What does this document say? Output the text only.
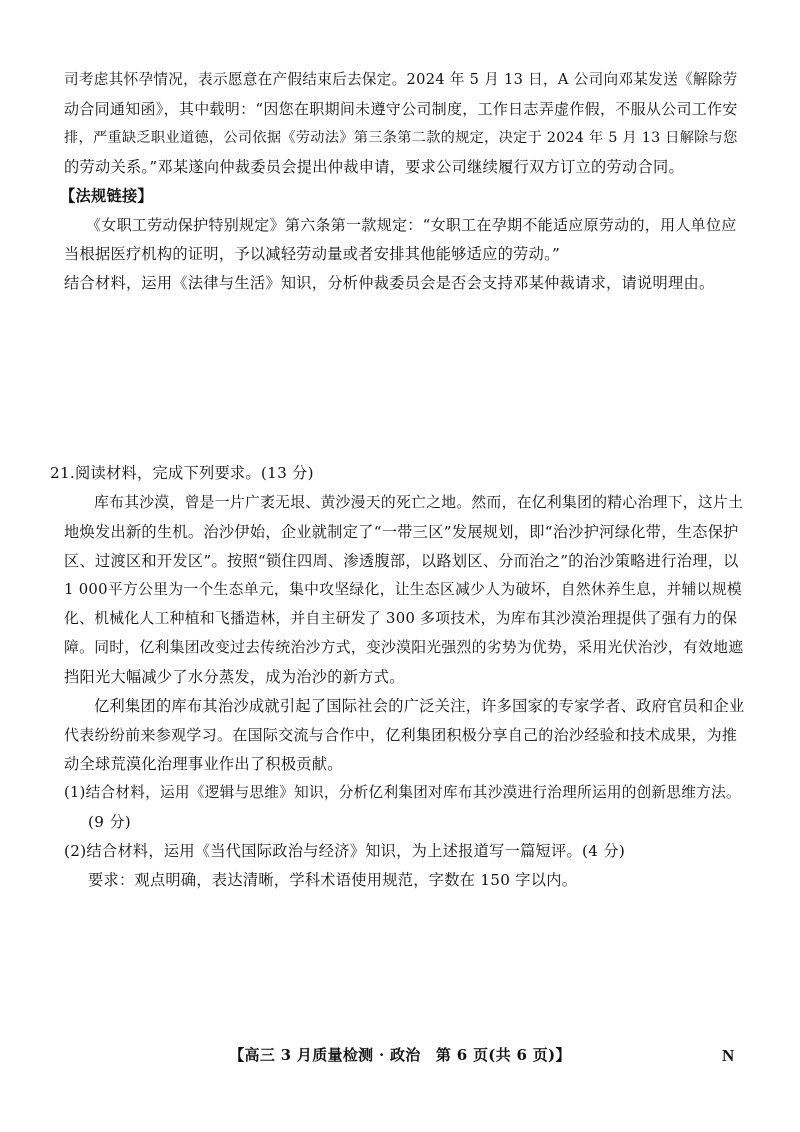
司考虑其怀孕情况，表示愿意在产假结束后去保定。2024 年 5 月 13 日，A 公司向邓某发送《解除劳
动合同通知函》，其中载明：“因您在职期间未遵守公司制度，工作日志弄虚作假，不服从公司工作安
排，严重缺乏职业道德，公司依据《劳动法》第三条第二款的规定，决定于 2024 年 5 月 13 日解除与您
的劳动关系。”邓某遂向仲裁委员会提出仲裁申请，要求公司继续履行双方订立的劳动合同。
【法规链接】
《女职工劳动保护特别规定》第六条第一款规定：“女职工在孕期不能适应原劳动的，用人单位应
当根据医疗机构的证明，予以减轻劳动量或者安排其他能够适应的劳动。”
结合材料，运用《法律与生活》知识，分析仲裁委员会是否会支持邓某仲裁请求，请说明理由。
21.阅读材料，完成下列要求。(13 分)
库布其沙漠，曾是一片广袤无垠、黄沙漫天的死亡之地。然而，在亿利集团的精心治理下，这片土
地焕发出新的生机。治沙伊始，企业就制定了“一带三区”发展规划，即“治沙护河绿化带，生态保护
区、过渡区和开发区”。按照“锁住四周、渗透腹部，以路划区、分而治之”的治沙策略进行治理，以
1 000平方公里为一个生态单元，集中攻坚绿化，让生态区减少人为破坏，自然休养生息，并辅以规模
化、机械化人工种植和飞播造林，并自主研发了 300 多项技术，为库布其沙漠治理提供了强有力的保
障。同时，亿利集团改变过去传统治沙方式，变沙漠阳光强烈的劣势为优势，采用光伏治沙，有效地遮
挡阳光大幅减少了水分蒸发，成为治沙的新方式。
亿利集团的库布其治沙成就引起了国际社会的广泛关注，许多国家的专家学者、政府官员和企业
代表纷纷前来参观学习。在国际交流与合作中，亿利集团积极分享自己的治沙经验和技术成果，为推
动全球荒漠化治理事业作出了积极贡献。
(1)结合材料，运用《逻辑与思维》知识，分析亿利集团对库布其沙漠进行治理所运用的创新思维方法。
(9 分)
(2)结合材料，运用《当代国际政治与经济》知识，为上述报道写一篇短评。(4 分)
要求：观点明确，表达清晰，学科术语使用规范，字数在 150 字以内。
【高三 3 月质量检测 · 政治　第 6 页(共 6 页)】	N
